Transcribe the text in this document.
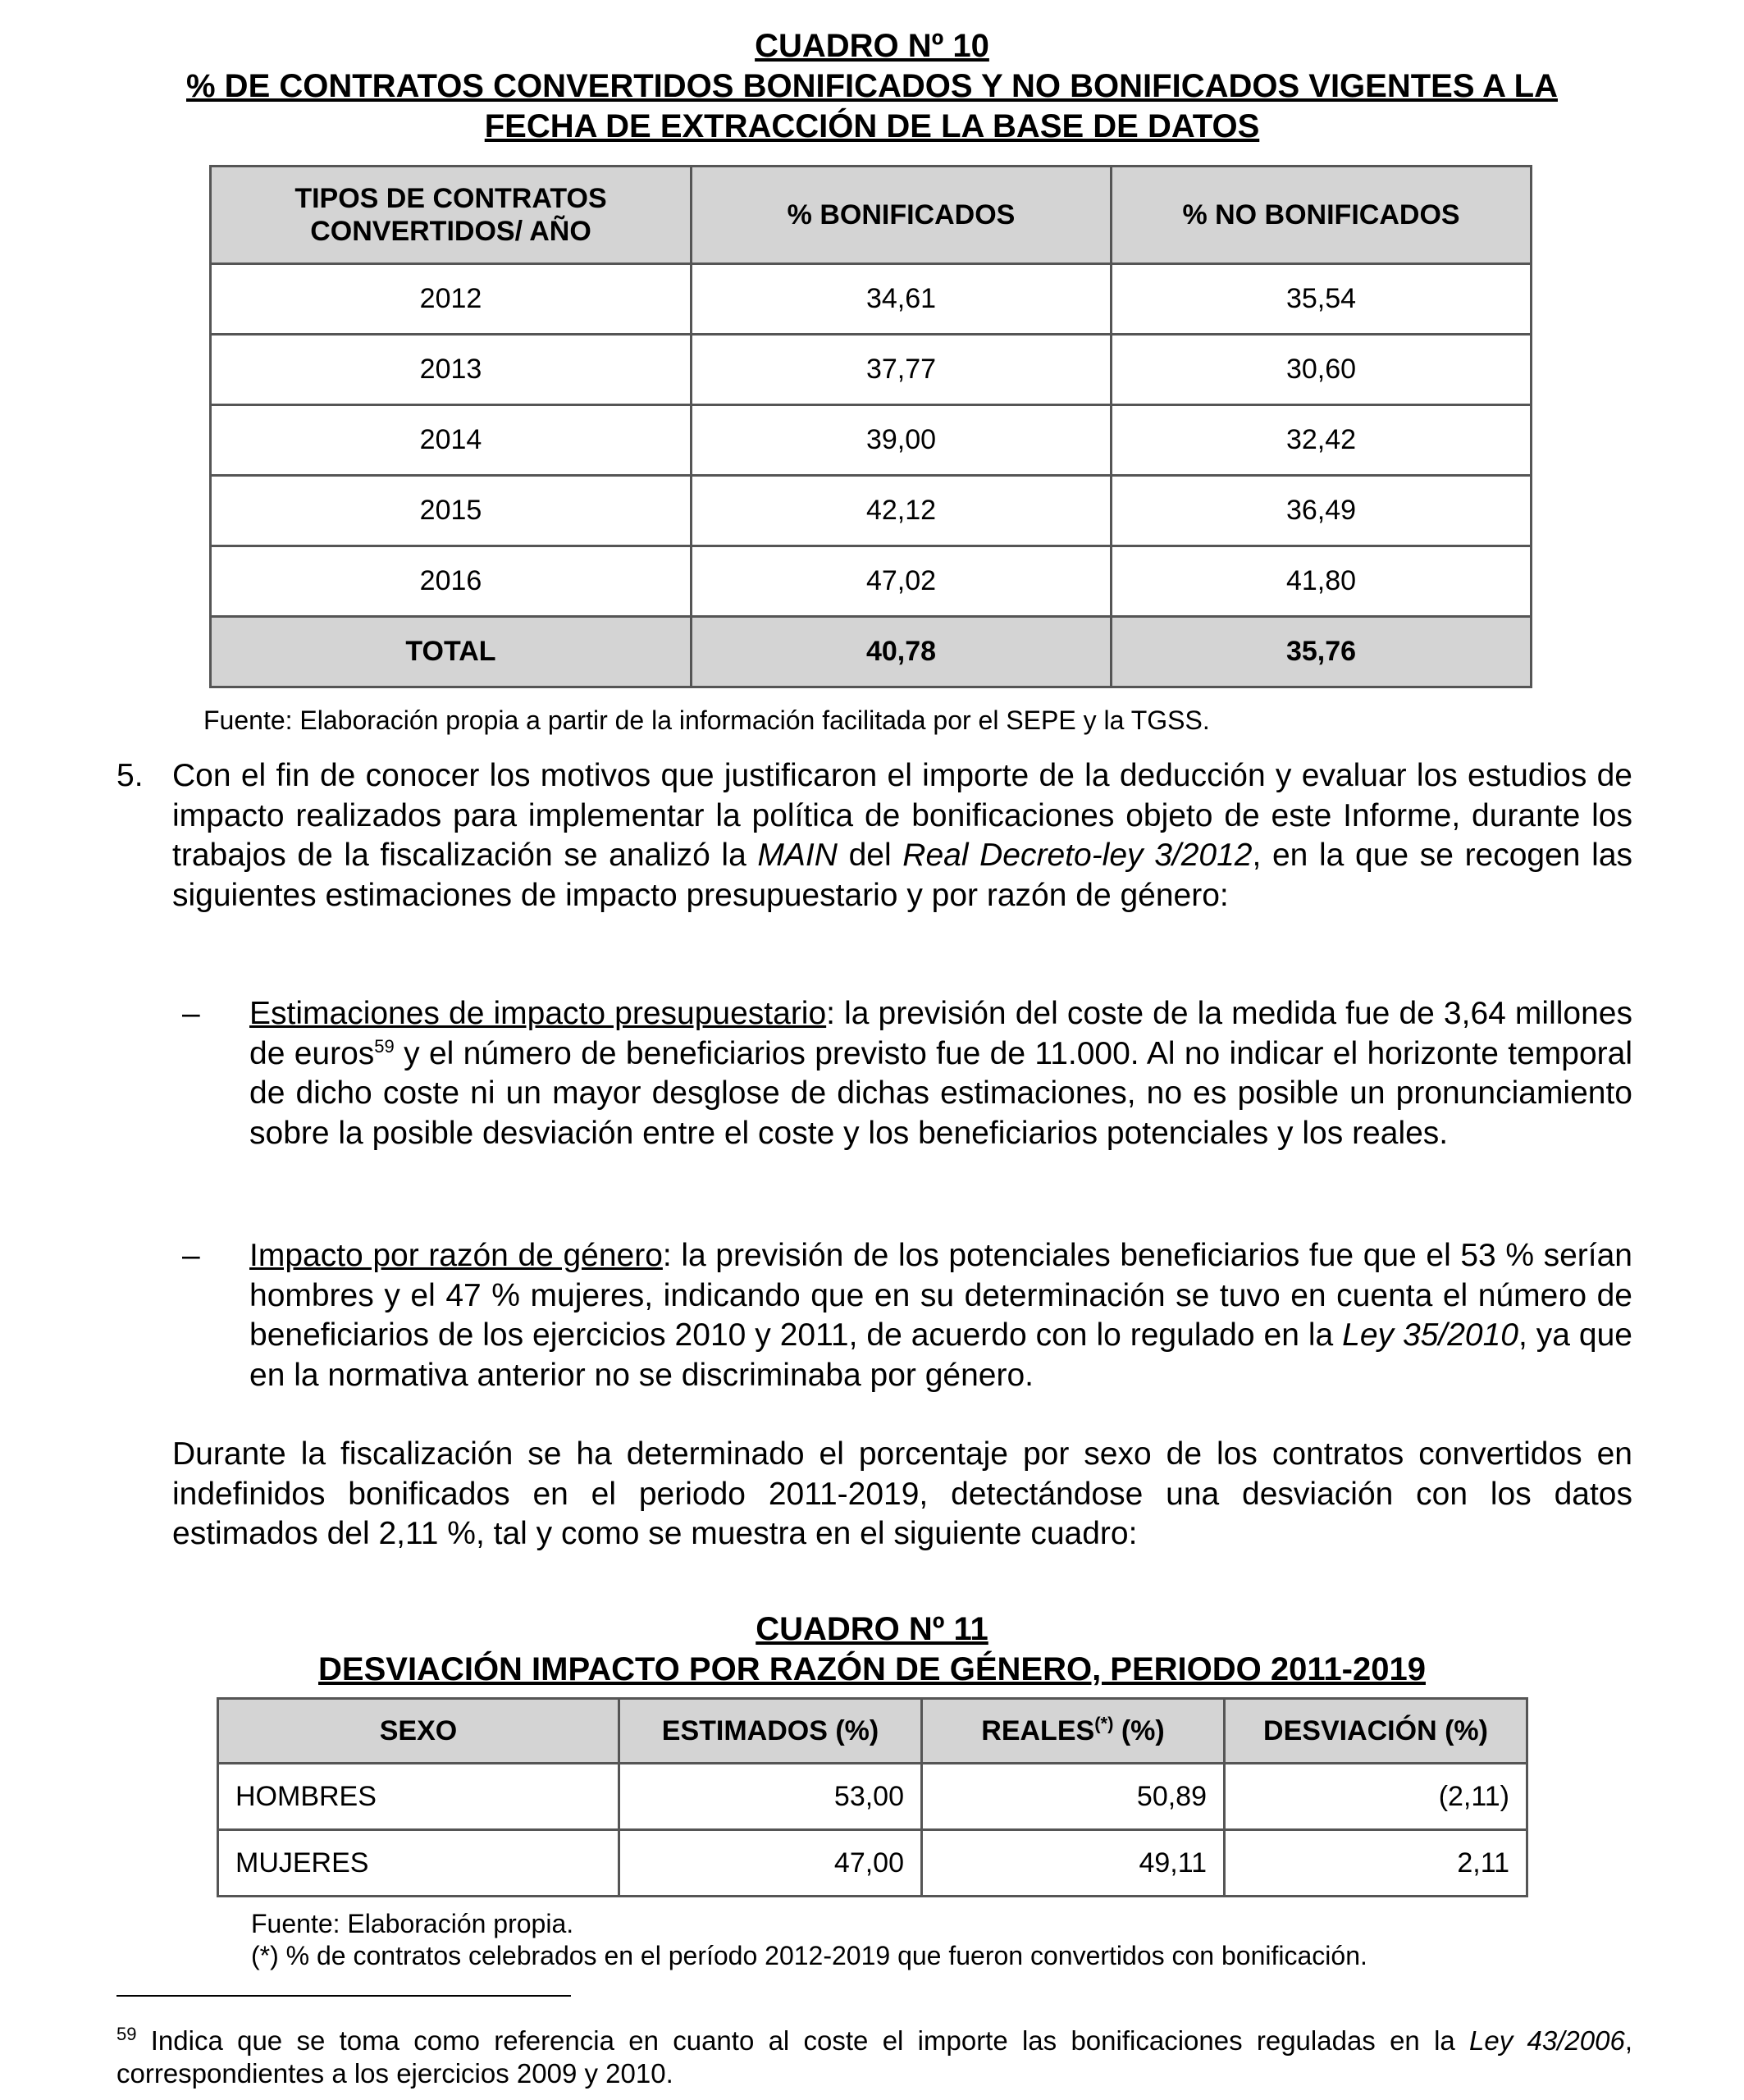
CUADRO Nº 10
% DE CONTRATOS CONVERTIDOS BONIFICADOS Y NO BONIFICADOS VIGENTES A LA
FECHA DE EXTRACCIÓN DE LA BASE DE DATOS
TIPOS DE CONTRATOS CONVERTIDOS/ AÑO	% BONIFICADOS	% NO BONIFICADOS
2012	34,61	35,54
2013	37,77	30,60
2014	39,00	32,42
2015	42,12	36,49
2016	47,02	41,80
TOTAL	40,78	35,76
Fuente: Elaboración propia a partir de la información facilitada por el SEPE y la TGSS.
5. Con el fin de conocer los motivos que justificaron el importe de la deducción y evaluar los estudios de impacto realizados para implementar la política de bonificaciones objeto de este Informe, durante los trabajos de la fiscalización se analizó la MAIN del Real Decreto-ley 3/2012, en la que se recogen las siguientes estimaciones de impacto presupuestario y por razón de género:
– Estimaciones de impacto presupuestario: la previsión del coste de la medida fue de 3,64 millones de euros$^{59}$ y el número de beneficiarios previsto fue de 11.000. Al no indicar el horizonte temporal de dicho coste ni un mayor desglose de dichas estimaciones, no es posible un pronunciamiento sobre la posible desviación entre el coste y los beneficiarios potenciales y los reales.
– Impacto por razón de género: la previsión de los potenciales beneficiarios fue que el 53 % serían hombres y el 47 % mujeres, indicando que en su determinación se tuvo en cuenta el número de beneficiarios de los ejercicios 2010 y 2011, de acuerdo con lo regulado en la Ley 35/2010, ya que en la normativa anterior no se discriminaba por género.
Durante la fiscalización se ha determinado el porcentaje por sexo de los contratos convertidos en indefinidos bonificados en el periodo 2011-2019, detectándose una desviación con los datos estimados del 2,11 %, tal y como se muestra en el siguiente cuadro:
CUADRO Nº 11
DESVIACIÓN IMPACTO POR RAZÓN DE GÉNERO, PERIODO 2011-2019
SEXO	ESTIMADOS (%)	REALES(*) (%)	DESVIACIÓN (%)
HOMBRES	53,00	50,89	(2,11)
MUJERES	47,00	49,11	2,11
Fuente: Elaboración propia.
(*) % de contratos celebrados en el período 2012-2019 que fueron convertidos con bonificación.
$^{59}$ Indica que se toma como referencia en cuanto al coste el importe las bonificaciones reguladas en la Ley 43/2006, correspondientes a los ejercicios 2009 y 2010.
